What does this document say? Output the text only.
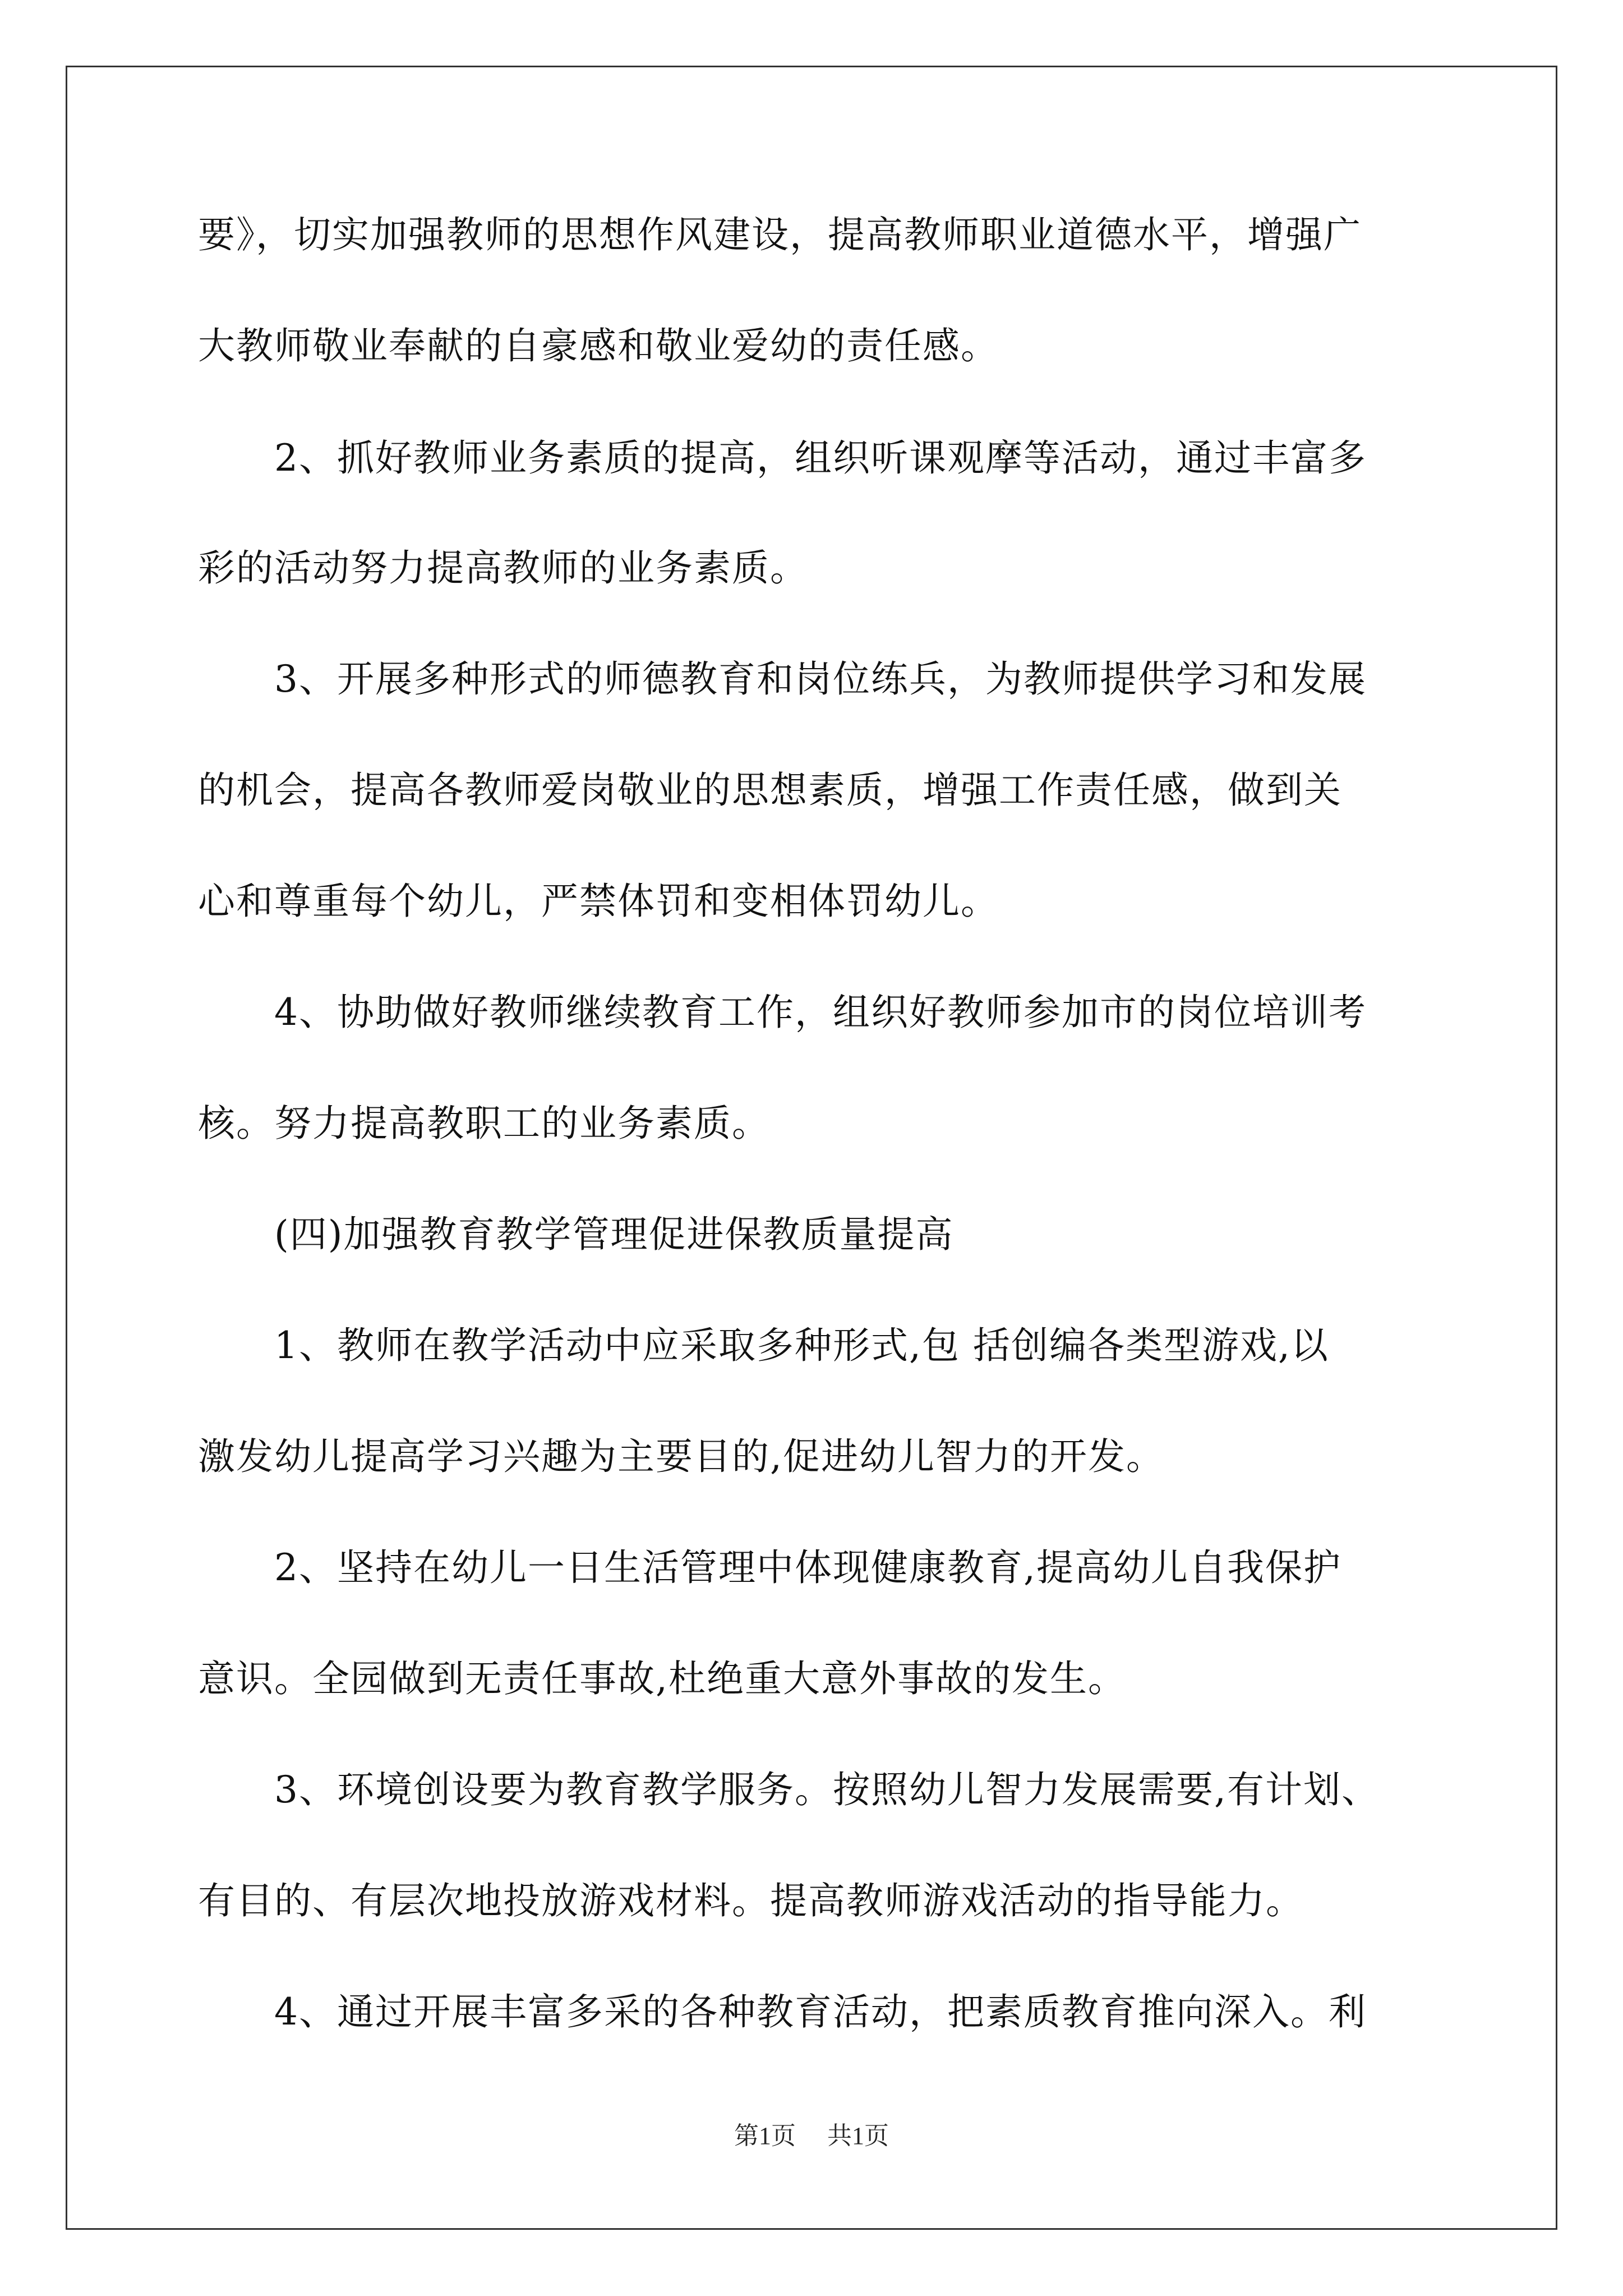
要》，切实加强教师的思想作风建设，提高教师职业道德水平，增强广
大教师敬业奉献的自豪感和敬业爱幼的责任感。
　　2、抓好教师业务素质的提高，组织听课观摩等活动，通过丰富多
彩的活动努力提高教师的业务素质。
　　3、开展多种形式的师德教育和岗位练兵，为教师提供学习和发展
的机会，提高各教师爱岗敬业的思想素质，增强工作责任感，做到关
心和尊重每个幼儿，严禁体罚和变相体罚幼儿。
　　4、协助做好教师继续教育工作，组织好教师参加市的岗位培训考
核。努力提高教职工的业务素质。
　　(四)加强教育教学管理促进保教质量提高
　　1、教师在教学活动中应采取多种形式,包 括创编各类型游戏,以
激发幼儿提高学习兴趣为主要目的,促进幼儿智力的开发。
　　2、坚持在幼儿一日生活管理中体现健康教育,提高幼儿自我保护
意识。全园做到无责任事故,杜绝重大意外事故的发生。
　　3、环境创设要为教育教学服务。按照幼儿智力发展需要,有计划、
有目的、有层次地投放游戏材料。提高教师游戏活动的指导能力。
　　4、通过开展丰富多采的各种教育活动，把素质教育推向深入。利
第1页 共1页
